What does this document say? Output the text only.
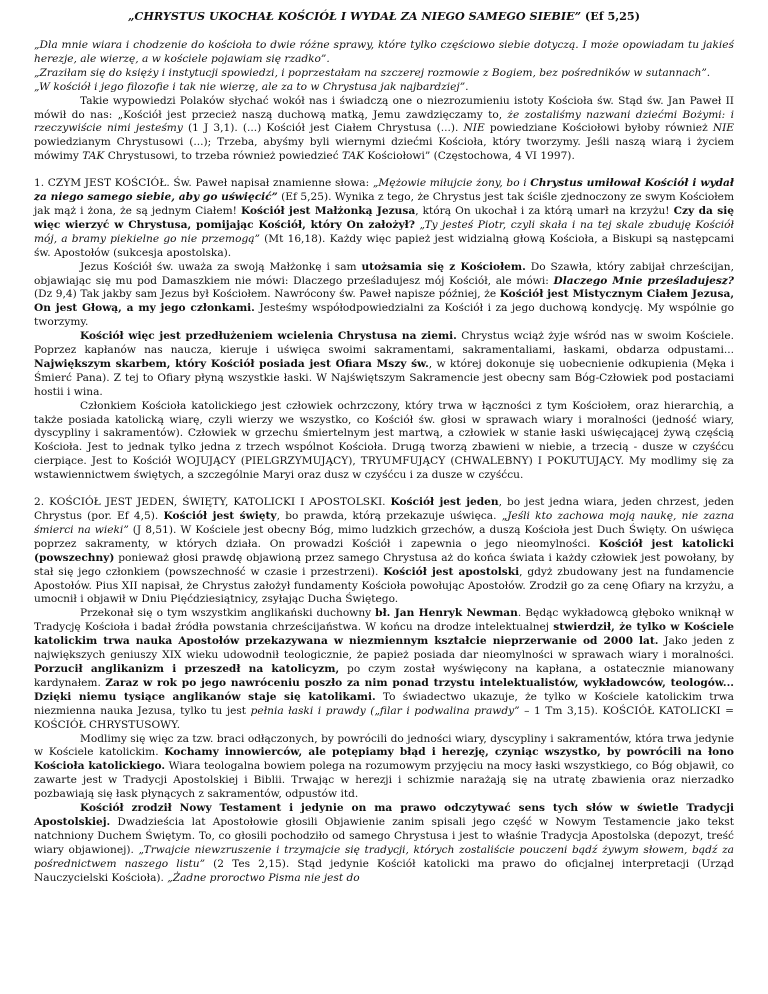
„CHRYSTUS UKOCHAŁ KOŚCIÓŁ I WYDAŁ ZA NIEGO SAMEGO SIEBIE” (Ef 5,25)

„Dla mnie wiara i chodzenie do kościoła to dwie różne sprawy, które tylko częściowo siebie dotyczą. I może opowiadam tu jakieś herezje, ale wierzę, a w kościele pojawiam się rzadko”.

„Zraziłam się do księży i instytucji spowiedzi, i poprzestałam na szczerej rozmowie z Bogiem, bez pośredników w sutannach”.

„W kościół i jego filozofie i tak nie wierzę, ale za to w Chrystusa jak najbardziej”.

Takie wypowiedzi Polaków słychać wokół nas i świadczą one o niezrozumieniu istoty Kościoła św. Stąd św. Jan Paweł II mówił do nas: „Kościół jest przecież naszą duchową matką, Jemu zawdzięczamy to, że zostaliśmy nazwani dziećmi Bożymi: i rzeczywiście nimi jesteśmy (1 J 3,1). (...) Kościół jest Ciałem Chrystusa (...). NIE powiedziane Kościołowi byłoby również NIE powiedzianym Chrystusowi (...); Trzeba, abyśmy byli wiernymi dziećmi Kościoła, który tworzymy. Jeśli naszą wiarą i życiem mówimy TAK Chrystusowi, to trzeba również powiedzieć TAK Kościołowi” (Częstochowa, 4 VI 1997).

1. CZYM JEST KOŚCIÓŁ. Św. Paweł napisał znamienne słowa: „Mężowie miłujcie żony, bo i Chrystus umiłował Kościół i wydał za niego samego siebie, aby go uświęcić” (Ef 5,25). Wynika z tego, że Chrystus jest tak ściśle zjednoczony ze swym Kościołem jak mąż i żona, że są jednym Ciałem! Kościół jest Małżonką Jezusa, którą On ukochał i za którą umarł na krzyżu! Czy da się więc wierzyć w Chrystusa, pomijając Kościół, który On założył? „Ty jesteś Piotr, czyli skała i na tej skale zbuduję Kościół mój, a bramy piekielne go nie przemogą” (Mt 16,18). Każdy więc papież jest widzialną głową Kościoła, a Biskupi są następcami św. Apostołów (sukcesja apostolska).

Jezus Kościół św. uważa za swoją Małżonkę i sam utożsamia się z Kościołem. Do Szawła, który zabijał chrześcijan, objawiając się mu pod Damaszkiem nie mówi: Dlaczego prześladujesz mój Kościół, ale mówi: Dlaczego Mnie prześladujesz? (Dz 9,4) Tak jakby sam Jezus był Kościołem. Nawrócony św. Paweł napisze później, że Kościół jest Mistycznym Ciałem Jezusa, On jest Głową, a my jego członkami. Jesteśmy współodpowiedzialni za Kościół i za jego duchową kondycję. My wspólnie go tworzymy.

Kościół więc jest przedłużeniem wcielenia Chrystusa na ziemi. Chrystus wciąż żyje wśród nas w swoim Kościele. Poprzez kapłanów nas naucza, kieruje i uświęca swoimi sakramentami, sakramentaliami, łaskami, obdarza odpustami... Największym skarbem, który Kościół posiada jest Ofiara Mszy św., w której dokonuje się uobecnienie odkupienia (Męka i Śmierć Pana). Z tej to Ofiary płyną wszystkie łaski. W Najświętszym Sakramencie jest obecny sam Bóg-Człowiek pod postaciami hostii i wina.

Członkiem Kościoła katolickiego jest człowiek ochrzczony, który trwa w łączności z tym Kościołem, oraz hierarchią, a także posiada katolicką wiarę, czyli wierzy we wszystko, co Kościół św. głosi w sprawach wiary i moralności (jedność wiary, dyscypliny i sakramentów). Człowiek w grzechu śmiertelnym jest martwą, a człowiek w stanie łaski uświęcającej żywą częścią Kościoła. Jest to jednak tylko jedna z trzech wspólnot Kościoła. Drugą tworzą zbawieni w niebie, a trzecią - dusze w czyśćcu cierpiące. Jest to Kościół WOJUJĄCY (PIELGRZYMUJĄCY), TRYUMFUJĄCY (CHWALEBNY) I POKUTUJĄCY. My modlimy się za wstawiennictwem świętych, a szczególnie Maryi oraz dusz w czyśćcu i za dusze w czyśćcu.

2. KOŚCIÓŁ JEST JEDEN, ŚWIĘTY, KATOLICKI I APOSTOLSKI. Kościół jest jeden, bo jest jedna wiara, jeden chrzest, jeden Chrystus (por. Ef 4,5). Kościół jest święty, bo prawda, którą przekazuje uświęca. „Jeśli kto zachowa moją naukę, nie zazna śmierci na wieki” (J 8,51). W Kościele jest obecny Bóg, mimo ludzkich grzechów, a duszą Kościoła jest Duch Święty. On uświęca poprzez sakramenty, w których działa. On prowadzi Kościół i zapewnia o jego nieomylności. Kościół jest katolicki (powszechny) ponieważ głosi prawdę objawioną przez samego Chrystusa aż do końca świata i każdy człowiek jest powołany, by stał się jego członkiem (powszechność w czasie i przestrzeni). Kościół jest apostolski, gdyż zbudowany jest na fundamencie Apostołów. Pius XII napisał, że Chrystus założył fundamenty Kościoła powołując Apostołów. Zrodził go za cenę Ofiary na krzyżu, a umocnił i objawił w Dniu Pięćdziesiątnicy, zsyłając Ducha Świętego.

Przekonał się o tym wszystkim anglikański duchowny bł. Jan Henryk Newman. Będąc wykładowcą głęboko wniknął w Tradycję Kościoła i badał źródła powstania chrześcijaństwa. W końcu na drodze intelektualnej stwierdził, że tylko w Kościele katolickim trwa nauka Apostołów przekazywana w niezmiennym kształcie nieprzerwanie od 2000 lat. Jako jeden z największych geniuszy XIX wieku udowodnił teologicznie, że papież posiada dar nieomylności w sprawach wiary i moralności. Porzucił anglikanizm i przeszedł na katolicyzm, po czym został wyświęcony na kapłana, a ostatecznie mianowany kardynałem. Zaraz w rok po jego nawróceniu poszło za nim ponad trzystu intelektualistów, wykładowców, teologów... Dzięki niemu tysiące anglikanów staje się katolikami. To świadectwo ukazuje, że tylko w Kościele katolickim trwa niezmienna nauka Jezusa, tylko tu jest pełnia łaski i prawdy („filar i podwalina prawdy” – 1 Tm 3,15). KOŚCIÓŁ KATOLICKI = KOŚCIÓŁ CHRYSTUSOWY.

Modlimy się więc za tzw. braci odłączonych, by powrócili do jedności wiary, dyscypliny i sakramentów, która trwa jedynie w Kościele katolickim. Kochamy innowierców, ale potępiamy błąd i herezję, czyniąc wszystko, by powrócili na łono Kościoła katolickiego. Wiara teologalna bowiem polega na rozumowym przyjęciu na mocy łaski wszystkiego, co Bóg objawił, co zawarte jest w Tradycji Apostolskiej i Biblii. Trwając w herezji i schizmie narażają się na utratę zbawienia oraz nierzadko pozbawiają się łask płynących z sakramentów, odpustów itd.

Kościół zrodził Nowy Testament i jedynie on ma prawo odczytywać sens tych słów w świetle Tradycji Apostolskiej. Dwadzieścia lat Apostołowie głosili Objawienie zanim spisali jego część w Nowym Testamencie jako tekst natchniony Duchem Świętym. To, co głosili pochodziło od samego Chrystusa i jest to właśnie Tradycja Apostolska (depozyt, treść wiary objawionej). „Trwajcie niewzruszenie i trzymajcie się tradycji, których zostaliście pouczeni bądź żywym słowem, bądź za pośrednictwem naszego listu” (2 Tes 2,15). Stąd jedynie Kościół katolicki ma prawo do oficjalnej interpretacji (Urząd Nauczycielski Kościoła). „Żadne proroctwo Pisma nie jest do
